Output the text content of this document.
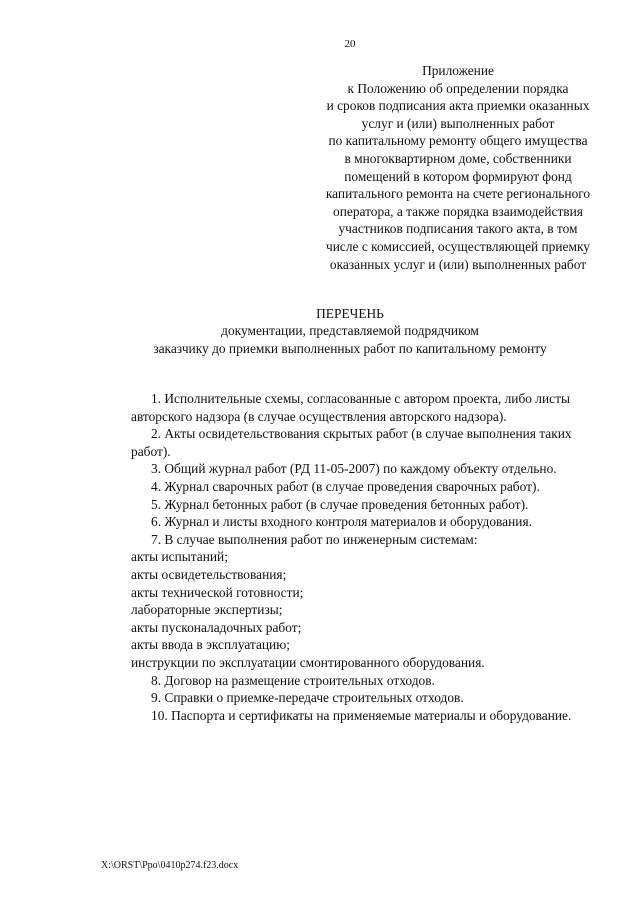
20
Приложение
к Положению об определении порядка
и сроков подписания акта приемки оказанных
услуг и (или) выполненных работ
по капитальному ремонту общего имущества
в многоквартирном доме, собственники
помещений в котором формируют фонд
капитального ремонта на счете регионального
оператора, а также порядка взаимодействия
участников подписания такого акта, в том
числе с комиссией, осуществляющей приемку
оказанных услуг и (или) выполненных работ
ПЕРЕЧЕНЬ
документации, представляемой подрядчиком
заказчику до приемки выполненных работ по капитальному ремонту
1. Исполнительные схемы, согласованные с автором проекта, либо листы
авторского надзора (в случае осуществления авторского надзора).
2. Акты освидетельствования скрытых работ (в случае выполнения таких
работ).
3. Общий журнал работ (РД 11-05-2007) по каждому объекту отдельно.
4. Журнал сварочных работ (в случае проведения сварочных работ).
5. Журнал бетонных работ (в случае проведения бетонных работ).
6. Журнал и листы входного контроля материалов и оборудования.
7. В случае выполнения работ по инженерным системам:
акты испытаний;
акты освидетельствования;
акты технической готовности;
лабораторные экспертизы;
акты пусконаладочных работ;
акты ввода в эксплуатацию;
инструкции по эксплуатации смонтированного оборудования.
8. Договор на размещение строительных отходов.
9. Справки о приемке-передаче строительных отходов.
10. Паспорта и сертификаты на применяемые материалы и оборудование.
X:\ORST\Ppo\0410p274.f23.docx
